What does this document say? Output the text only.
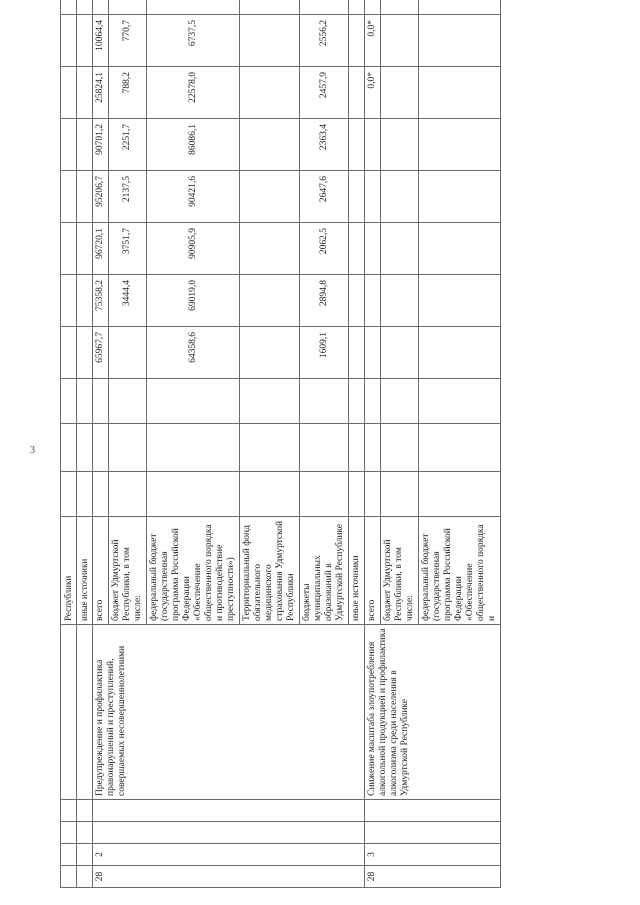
3
					Республики											
					иные источники											
28	2			Предупреждение и профилактика правонарушений и преступлений, совершаемых несовершеннолетними	всего				65967,7	75358,2	96720,1	95206,7	90701,2	25824,1	10064,4	
					бюджет Удмуртской Республики, в том числе:					3444,4	3751,7	2137,5	2251,7	788,2	770,7	
					федеральный бюджет (государственная программа Российской Федерации «Обеспечение общественного порядка и противодействие преступности»)				64358,6	69019,0	90905,9	90421,6	86086,1	22578,0	6737,5	
					Территориальный фонд обязательного медицинского страхования Удмуртской Республики											
					бюджеты муниципальных образований в Удмуртской Республике				1609,1	2894,8	2062,5	2647,6	2363,4	2457,9	2556,2	
					иные источники											
28	3			Снижение масштаба злоупотребления алкогольной продукцией и профилактика алкоголизма среди населения в Удмуртской Республике	всего									0,0*	0,0*	
					бюджет Удмуртской Республики, в том числе:											
					федеральный бюджет (государственная программа Российской Федерации «Обеспечение общественного порядка и											
